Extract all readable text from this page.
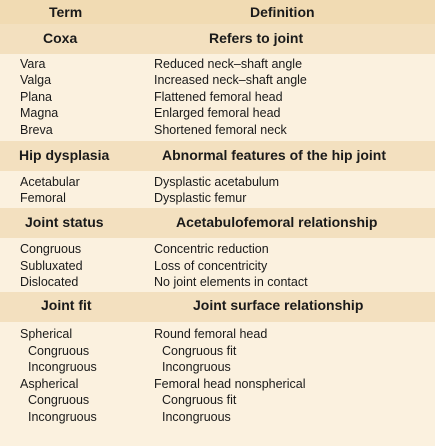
Term	Definition
Coxa	Refers to joint
Vara	Reduced neck–shaft angle
Valga	Increased neck–shaft angle
Plana	Flattened femoral head
Magna	Enlarged femoral head
Breva	Shortened femoral neck
Hip dysplasia	Abnormal features of the hip joint
Acetabular	Dysplastic acetabulum
Femoral	Dysplastic femur
Joint status	Acetabulofemoral relationship
Congruous	Concentric reduction
Subluxated	Loss of concentricity
Dislocated	No joint elements in contact
Joint fit	Joint surface relationship
Spherical	Round femoral head
Congruous	Congruous fit
Incongruous	Incongruous
Aspherical	Femoral head nonspherical
Congruous	Congruous fit
Incongruous	Incongruous
